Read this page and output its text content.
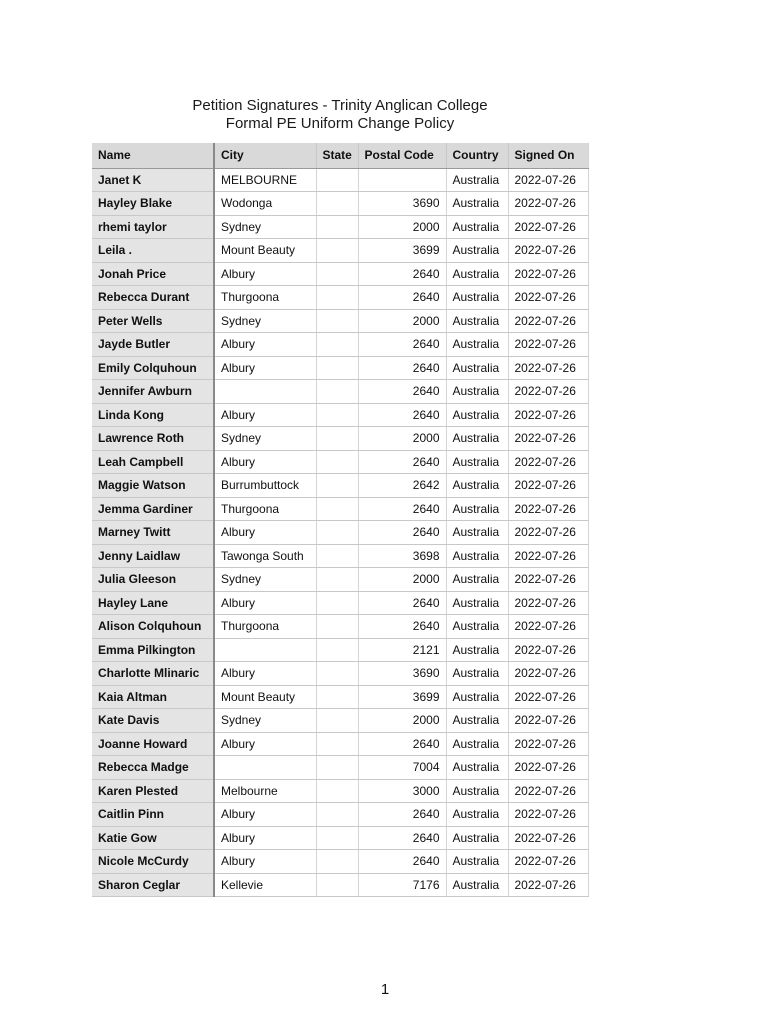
Petition Signatures - Trinity Anglican College
Formal PE Uniform Change Policy
Name	City	State	Postal Code	Country	Signed On
Janet K	MELBOURNE			Australia	2022-07-26
Hayley Blake	Wodonga		3690	Australia	2022-07-26
rhemi taylor	Sydney		2000	Australia	2022-07-26
Leila .	Mount Beauty		3699	Australia	2022-07-26
Jonah Price	Albury		2640	Australia	2022-07-26
Rebecca Durant	Thurgoona		2640	Australia	2022-07-26
Peter Wells	Sydney		2000	Australia	2022-07-26
Jayde Butler	Albury		2640	Australia	2022-07-26
Emily Colquhoun	Albury		2640	Australia	2022-07-26
Jennifer Awburn			2640	Australia	2022-07-26
Linda Kong	Albury		2640	Australia	2022-07-26
Lawrence Roth	Sydney		2000	Australia	2022-07-26
Leah Campbell	Albury		2640	Australia	2022-07-26
Maggie Watson	Burrumbuttock		2642	Australia	2022-07-26
Jemma Gardiner	Thurgoona		2640	Australia	2022-07-26
Marney Twitt	Albury		2640	Australia	2022-07-26
Jenny Laidlaw	Tawonga South		3698	Australia	2022-07-26
Julia Gleeson	Sydney		2000	Australia	2022-07-26
Hayley Lane	Albury		2640	Australia	2022-07-26
Alison Colquhoun	Thurgoona		2640	Australia	2022-07-26
Emma Pilkington			2121	Australia	2022-07-26
Charlotte Mlinaric	Albury		3690	Australia	2022-07-26
Kaia Altman	Mount Beauty		3699	Australia	2022-07-26
Kate Davis	Sydney		2000	Australia	2022-07-26
Joanne Howard	Albury		2640	Australia	2022-07-26
Rebecca Madge			7004	Australia	2022-07-26
Karen Plested	Melbourne		3000	Australia	2022-07-26
Caitlin Pinn	Albury		2640	Australia	2022-07-26
Katie Gow	Albury		2640	Australia	2022-07-26
Nicole McCurdy	Albury		2640	Australia	2022-07-26
Sharon Ceglar	Kellevie		7176	Australia	2022-07-26
1
